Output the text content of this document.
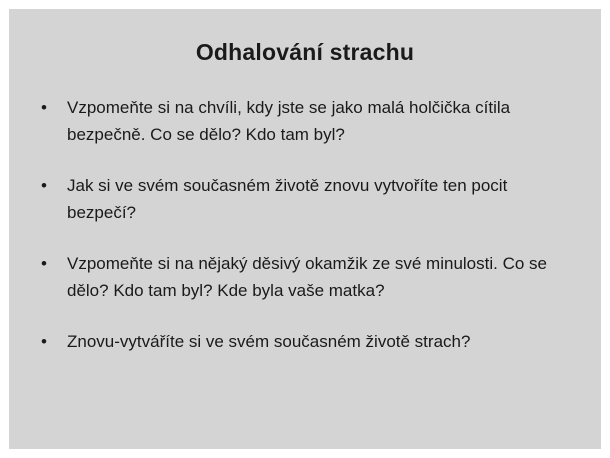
Odhalování strachu
•	Vzpomeňte si na chvíli, kdy jste se jako malá holčička cítila bezpečně. Co se dělo? Kdo tam byl?
•	Jak si ve svém současném životě znovu vytvoříte ten pocit bezpečí?
•	Vzpomeňte si na nějaký děsivý okamžik ze své minulosti. Co se dělo? Kdo tam byl? Kde byla vaše matka?
•	Znovu-vytváříte si ve svém současném životě strach?
